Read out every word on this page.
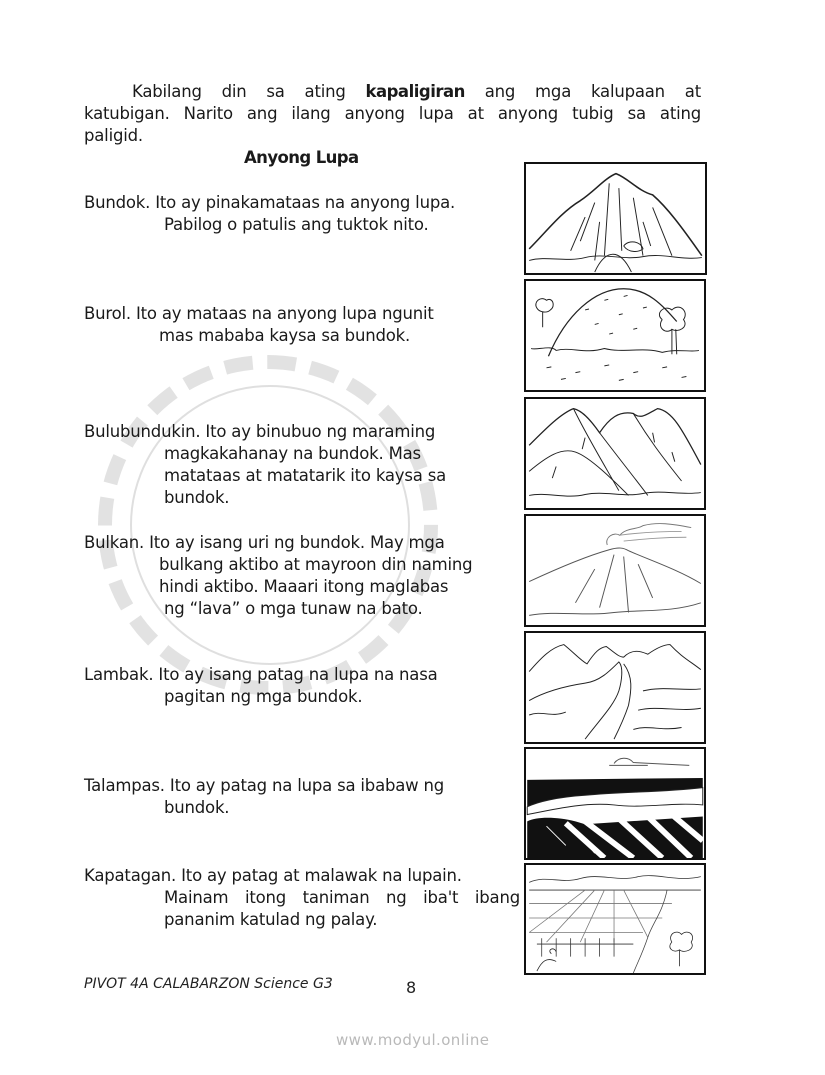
Kabilang din sa ating kapaligiran ang mga kalupaan at
katubigan. Narito ang ilang anyong lupa at anyong tubig sa ating
paligid.
Anyong Lupa
Bundok. Ito ay pinakamataas na anyong lupa.
Pabilog o patulis ang tuktok nito.
Burol. Ito ay mataas na anyong lupa ngunit
mas mababa kaysa sa bundok.
Bulubundukin. Ito ay binubuo ng maraming
magkakahanay na bundok. Mas
matataas at matatarik ito kaysa sa
bundok.
Bulkan. Ito ay isang uri ng bundok. May mga
bulkang aktibo at mayroon din naming
hindi aktibo. Maaari itong maglabas
ng “lava” o mga tunaw na bato.
Lambak. Ito ay isang patag na lupa na nasa
pagitan ng mga bundok.
Talampas. Ito ay patag na lupa sa ibabaw ng
bundok.
Kapatagan. Ito ay patag at malawak na lupain.
Mainam itong taniman ng iba't ibang
pananim katulad ng palay.
PIVOT 4A CALABARZON Science G3	8
www.modyul.online
